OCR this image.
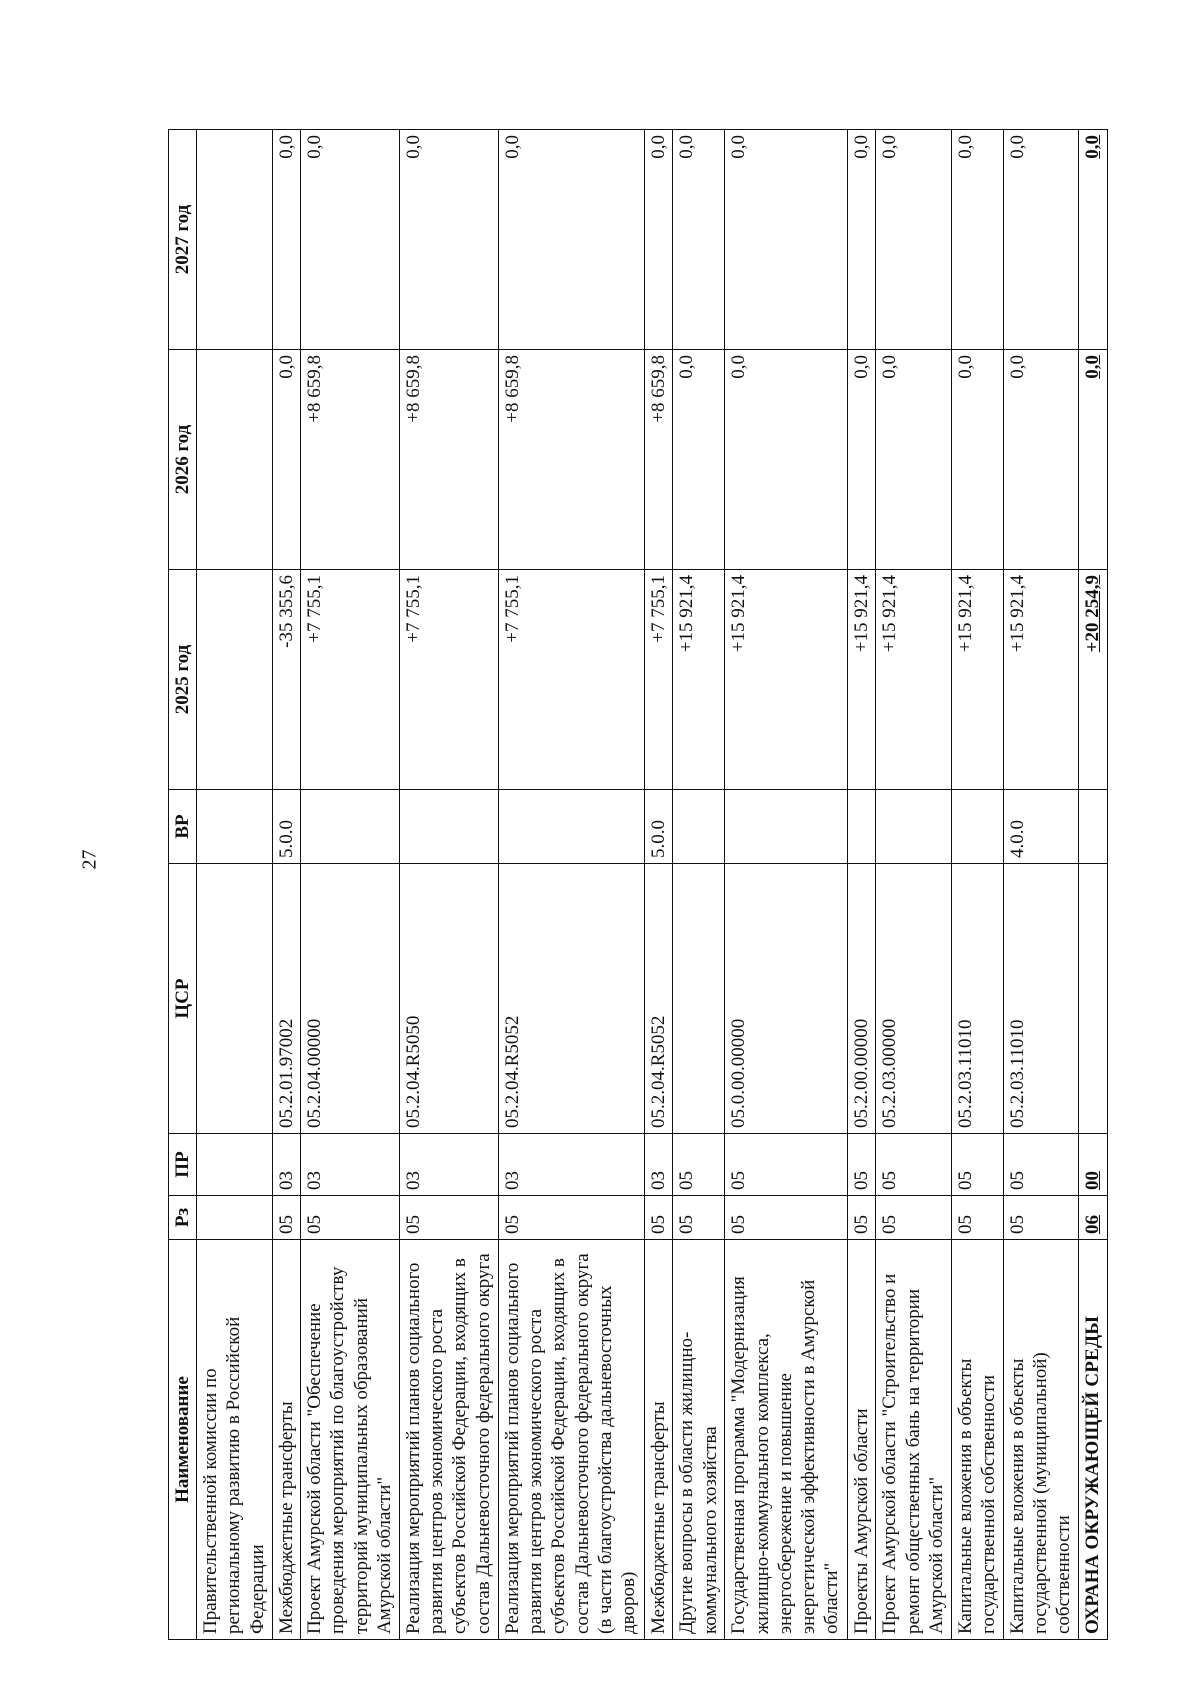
27
Наименование	Рз	ПР	ЦСР	ВР	2025 год	2026 год	2027 год
Правительственной комиссии по региональному развитию в Российской Федерации							
Межбюджетные трансферты	05	03	05.2.01.97002	5.0.0	-35 355,6	0,0	0,0
Проект Амурской области "Обеспечение проведения мероприятий по благоустройству территорий муниципальных образований Амурской области"	05	03	05.2.04.00000		+7 755,1	+8 659,8	0,0
Реализация мероприятий планов социального развития центров экономического роста субъектов Российской Федерации, входящих в состав Дальневосточного федерального округа	05	03	05.2.04.R5050		+7 755,1	+8 659,8	0,0
Реализация мероприятий планов социального развития центров экономического роста субъектов Российской Федерации, входящих в состав Дальневосточного федерального округа (в части благоустройства дальневосточных дворов)	05	03	05.2.04.R5052		+7 755,1	+8 659,8	0,0
Межбюджетные трансферты	05	03	05.2.04.R5052	5.0.0	+7 755,1	+8 659,8	0,0
Другие вопросы в области жилищно-коммунального хозяйства	05	05			+15 921,4	0,0	0,0
Государственная программа "Модернизация жилищно-коммунального комплекса, энергосбережение и повышение энергетической эффективности в Амурской области"	05	05	05.0.00.00000		+15 921,4	0,0	0,0
Проекты Амурской области	05	05	05.2.00.00000		+15 921,4	0,0	0,0
Проект Амурской области "Строительство и ремонт общественных бань на территории Амурской области"	05	05	05.2.03.00000		+15 921,4	0,0	0,0
Капитальные вложения в объекты государственной собственности	05	05	05.2.03.11010		+15 921,4	0,0	0,0
Капитальные вложения в объекты государственной (муниципальной) собственности	05	05	05.2.03.11010	4.0.0	+15 921,4	0,0	0,0
ОХРАНА ОКРУЖАЮЩЕЙ СРЕДЫ	06	00			+20 254,9	0,0	0,0
